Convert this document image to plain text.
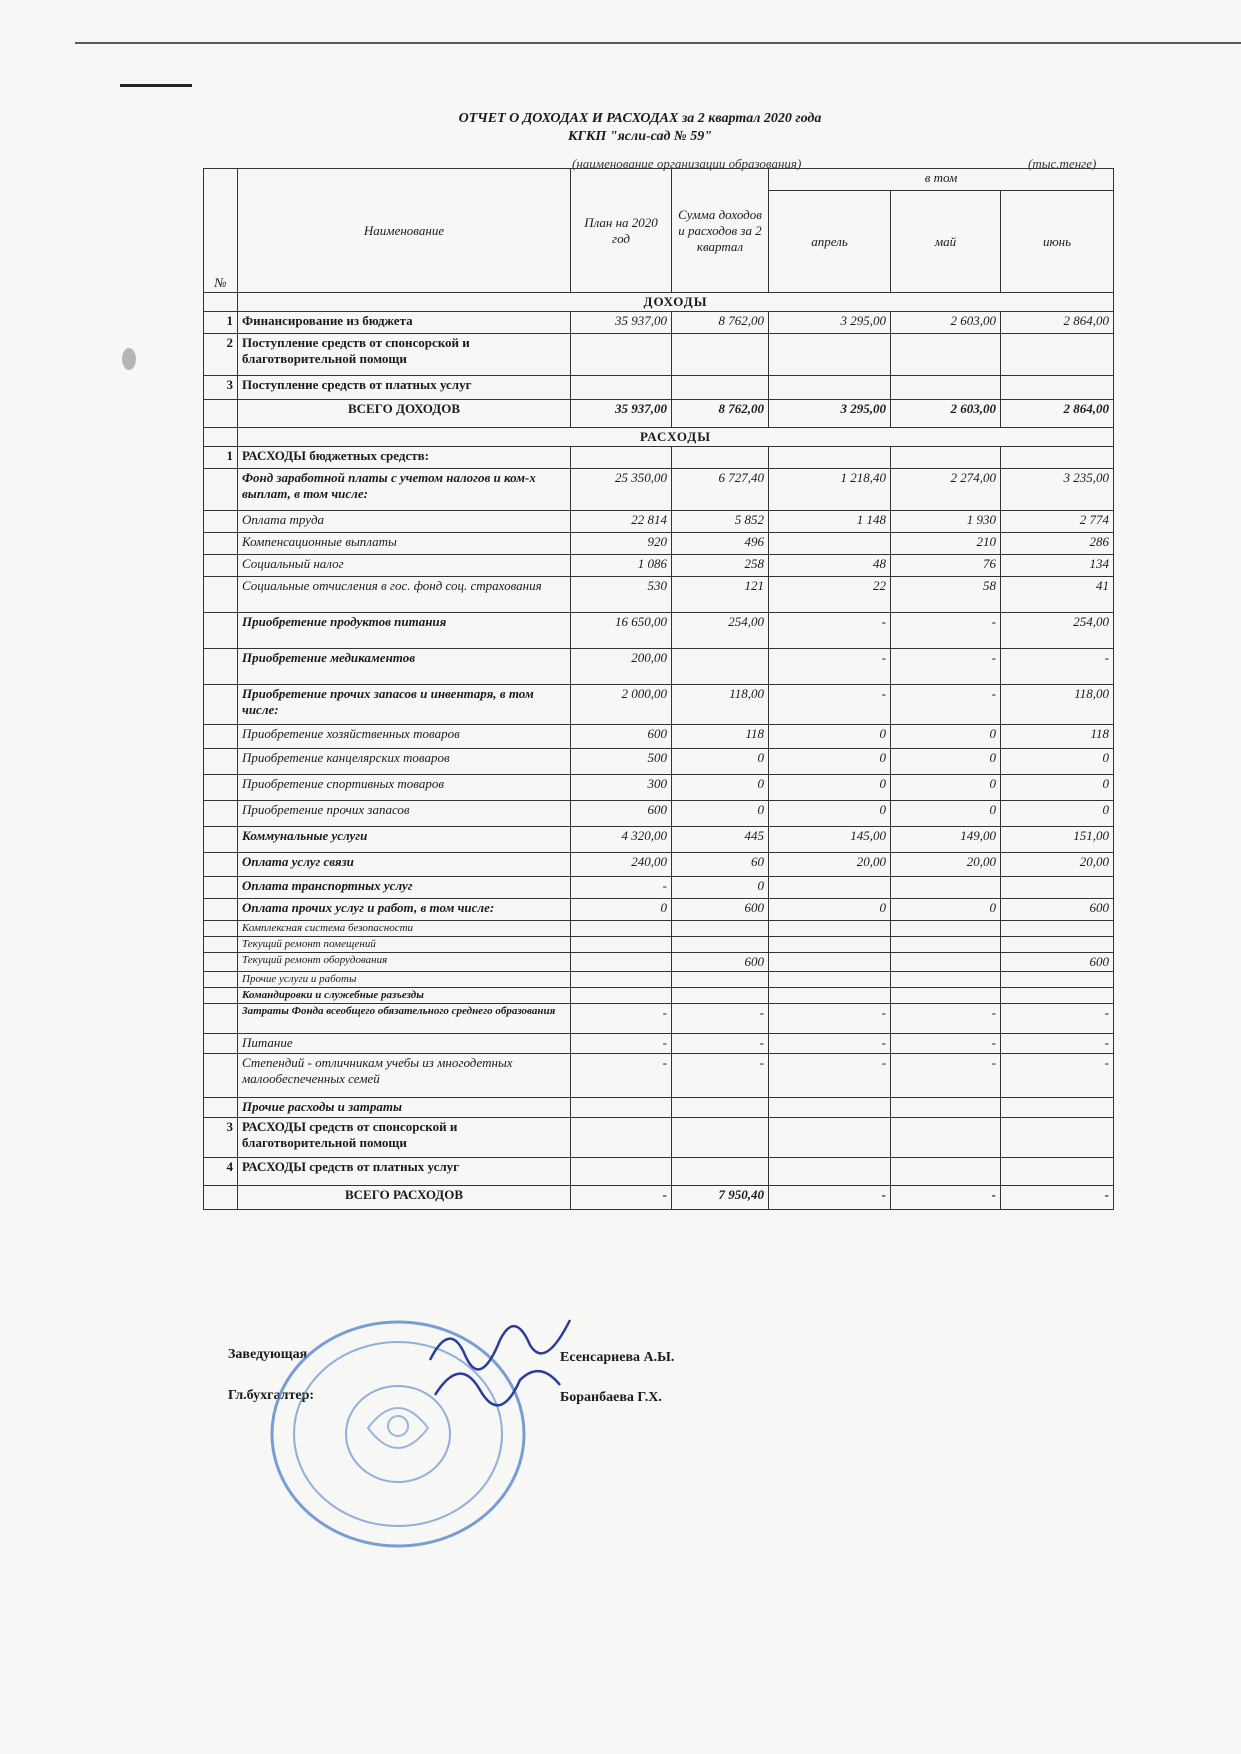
ОТЧЕТ О ДОХОДАХ И РАСХОДАХ за 2 квартал 2020 года
КГКП "ясли-сад № 59"
(наименование организации образования)	(тыс.тенге)
№	Наименование	План на 2020 год	Сумма доходов и расходов за 2 квартал	в том		
				апрель	май	июнь
	ДОХОДЫ					
1	Финансирование из бюджета	35 937,00	8 762,00	3 295,00	2 603,00	2 864,00
2	Поступление средств от спонсорской и благотворительной помощи					
3	Поступление средств от платных услуг					
	ВСЕГО ДОХОДОВ	35 937,00	8 762,00	3 295,00	2 603,00	2 864,00
	РАСХОДЫ					
1	РАСХОДЫ бюджетных средств:					
	Фонд заработной платы с учетом налогов и ком-х выплат, в том числе:	25 350,00	6 727,40	1 218,40	2 274,00	3 235,00
	Оплата труда	22 814	5 852	1 148	1 930	2 774
	Компенсационные выплаты	920	496		210	286
	Социальный налог	1 086	258	48	76	134
	Социальные отчисления в гос. фонд соц. страхования	530	121	22	58	41
	Приобретение продуктов питания	16 650,00	254,00	-	-	254,00
	Приобретение медикаментов	200,00		-	-	-
	Приобретение прочих запасов и инвентаря, в том числе:	2 000,00	118,00	-	-	118,00
	Приобретение хозяйственных товаров	600	118	0	0	118
	Приобретение канцелярских товаров	500	0	0	0	0
	Приобретение спортивных товаров	300	0	0	0	0
	Приобретение прочих запасов	600	0	0	0	0
	Коммунальные услуги	4 320,00	445	145,00	149,00	151,00
	Оплата услуг связи	240,00	60	20,00	20,00	20,00
	Оплата транспортных услуг	-	0			
	Оплата прочих услуг и работ, в том числе:	0	600	0	0	600
	Комплексная система безопасности					
	Текущий ремонт помещений					
	Текущий ремонт оборудования		600			600
	Прочие услуги и работы					
	Командировки и служебные разъезды					
	Затраты Фонда всеобщего обязательного среднего образования	-	-	-	-	-
	Питание	-	-	-	-	-
	Степендий - отличникам учебы из многодетных малообеспеченных семей	-	-	-	-	-
	Прочие расходы и затраты					
3	РАСХОДЫ средств от спонсорской и благотворительной помощи					
4	РАСХОДЫ средств от платных услуг					
	ВСЕГО РАСХОДОВ	-	7 950,40	-	-	-
Заведующая	Есенсариева А.Ы.
Гл.бухгалтер:	Боранбаева Г.Х.
